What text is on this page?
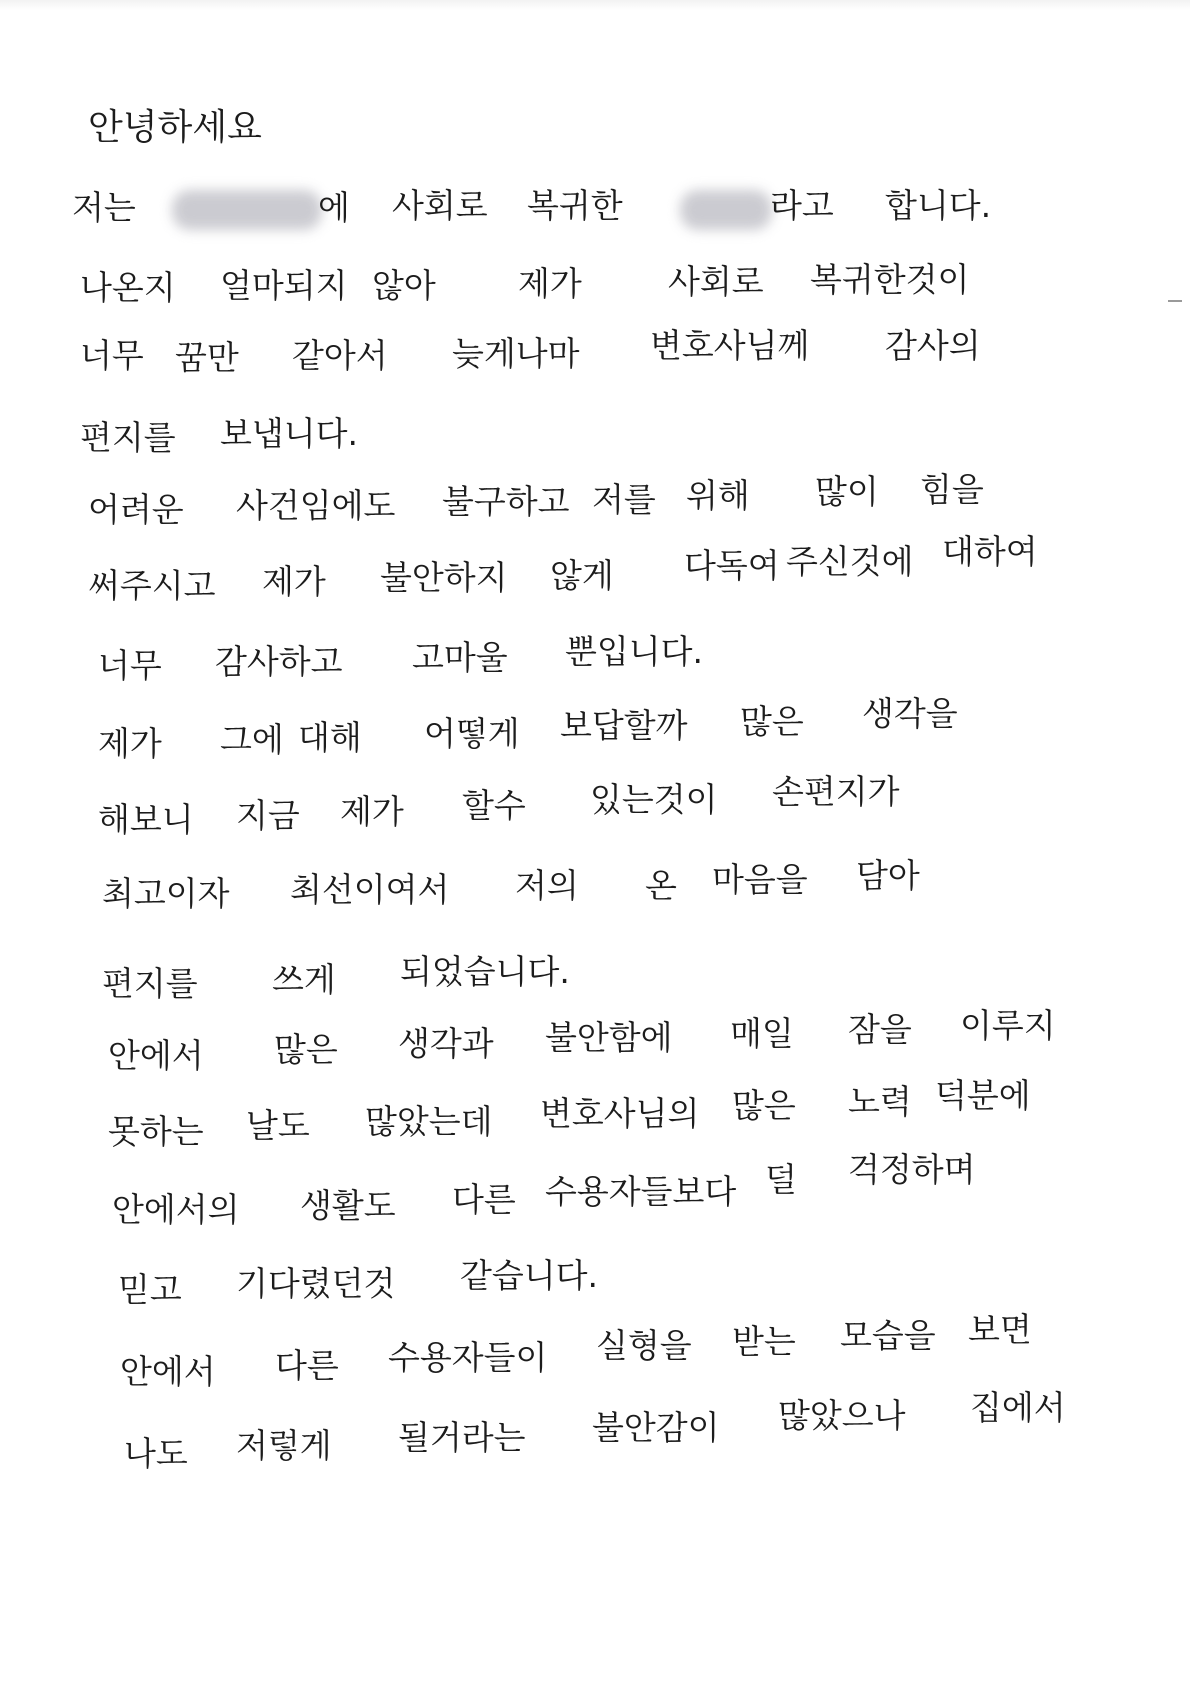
안녕하세요
저는	에 사회로 복귀한	라고 합니다.
나온지 얼마되지 않아 제가	사회로 복귀한것이
너무 꿈만 같아서 늦게나마 변호사님께 감사의
편지를 보냅니다.
어려운 사건임에도 불구하고 저를 위해 많이 힘을
써주시고 제가 불안하지 않게 다독여 주신것에 대하여
너무 감사하고 고마울 뿐입니다.
제가 그에 대해 어떻게 보답할까 많은 생각을
해보니 지금 제가 할수 있는것이 손편지가
최고이자 최선이여서 저의 온 마음을 담아
편지를 쓰게 되었습니다.
안에서 많은 생각과 불안함에 매일 잠을 이루지
못하는 날도 많았는데 변호사님의 많은 노력 덕분에
안에서의 생활도 다른 수용자들보다 덜 걱정하며
믿고 기다렸던것 같습니다.
안에서 다른 수용자들이 실형을 받는 모습을 보면
나도 저렇게 될거라는 불안감이 많았으나 집에서
